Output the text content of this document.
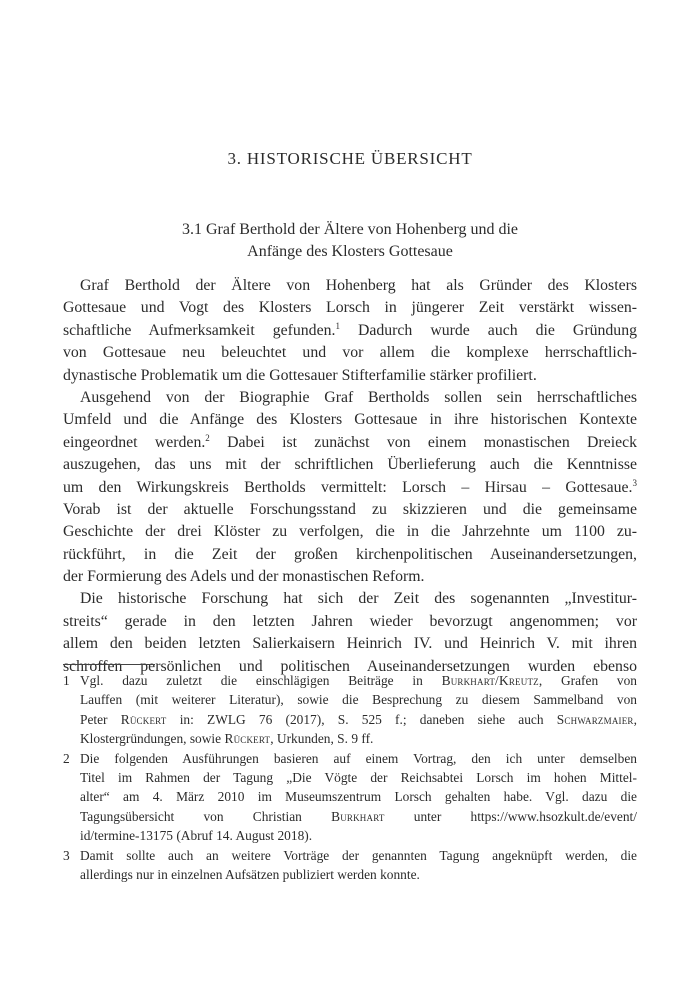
3. HISTORISCHE ÜBERSICHT
3.1 Graf Berthold der Ältere von Hohenberg und die
Anfänge des Klosters Gottesaue
Graf Berthold der Ältere von Hohenberg hat als Gründer des Klosters
Gottesaue und Vogt des Klosters Lorsch in jüngerer Zeit verstärkt wissen-
schaftliche Aufmerksamkeit gefunden.$^1$ Dadurch wurde auch die Gründung
von Gottesaue neu beleuchtet und vor allem die komplexe herrschaftlich-
dynastische Problematik um die Gottesauer Stifterfamilie stärker profiliert.
Ausgehend von der Biographie Graf Bertholds sollen sein herrschaftliches
Umfeld und die Anfänge des Klosters Gottesaue in ihre historischen Kontexte
eingeordnet werden.$^2$ Dabei ist zunächst von einem monastischen Dreieck
auszugehen, das uns mit der schriftlichen Überlieferung auch die Kenntnisse
um den Wirkungskreis Bertholds vermittelt: Lorsch – Hirsau – Gottesaue.$^3$
Vorab ist der aktuelle Forschungsstand zu skizzieren und die gemeinsame
Geschichte der drei Klöster zu verfolgen, die in die Jahrzehnte um 1100 zu-
rückführt, in die Zeit der großen kirchenpolitischen Auseinandersetzungen,
der Formierung des Adels und der monastischen Reform.
Die historische Forschung hat sich der Zeit des sogenannten „Investitur-
streits“ gerade in den letzten Jahren wieder bevorzugt angenommen; vor
allem den beiden letzten Salierkaisern Heinrich IV. und Heinrich V. mit ihren
schroffen persönlichen und politischen Auseinandersetzungen wurden ebenso
1 Vgl. dazu zuletzt die einschlägigen Beiträge in Burkhart/Kreutz, Grafen von
Lauffen (mit weiterer Literatur), sowie die Besprechung zu diesem Sammelband von
Peter Rückert in: ZWLG 76 (2017), S. 525 f.; daneben siehe auch Schwarzmaier,
Klostergründungen, sowie Rückert, Urkunden, S. 9 ff.
2 Die folgenden Ausführungen basieren auf einem Vortrag, den ich unter demselben
Titel im Rahmen der Tagung „Die Vögte der Reichsabtei Lorsch im hohen Mittel-
alter“ am 4. März 2010 im Museumszentrum Lorsch gehalten habe. Vgl. dazu die
Tagungsübersicht von Christian Burkhart unter https://www.hsozkult.de/event/
id/termine-13175 (Abruf 14. August 2018).
3 Damit sollte auch an weitere Vorträge der genannten Tagung angeknüpft werden, die
allerdings nur in einzelnen Aufsätzen publiziert werden konnte.
